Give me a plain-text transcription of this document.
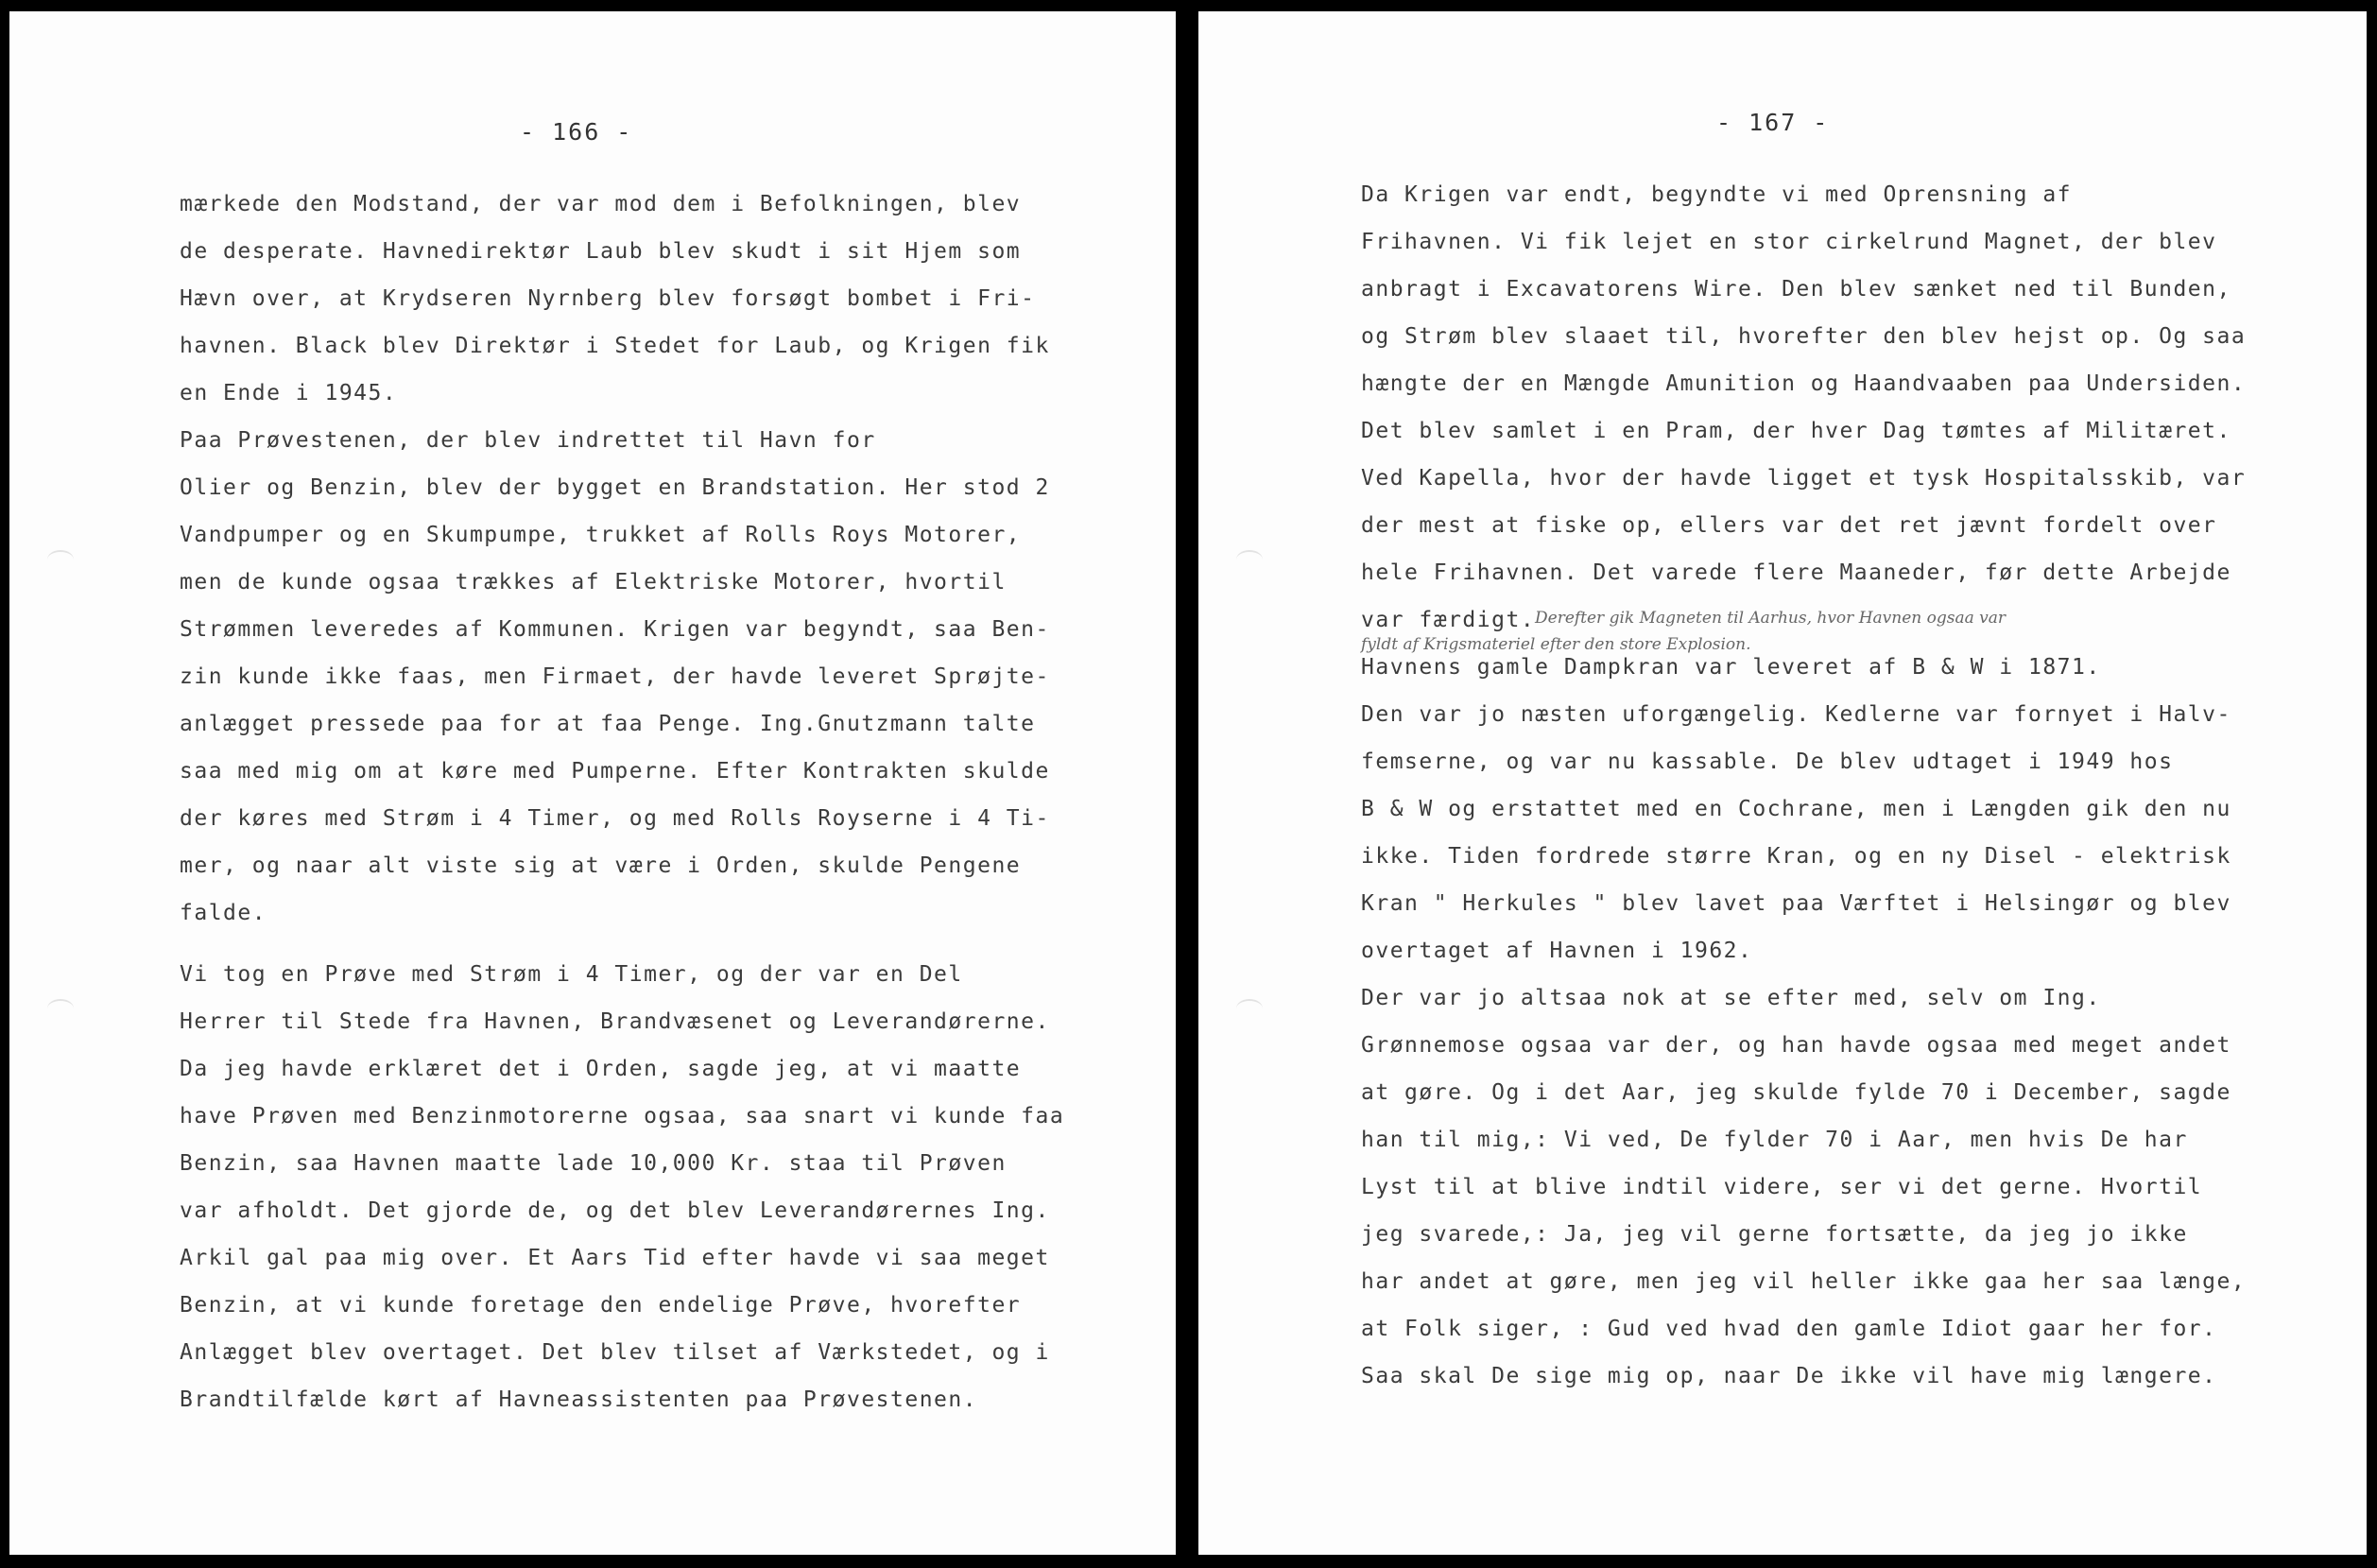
- 166 -
mærkede den Modstand, der var mod dem i Befolkningen, blev
de desperate. Havnedirektør Laub blev skudt i sit Hjem som
Hævn over, at Krydseren Nyrnberg blev forsøgt bombet i Fri-
havnen. Black blev Direktør i Stedet for Laub, og Krigen fik
en Ende i 1945.
Paa Prøvestenen, der blev indrettet til Havn for
Olier og Benzin, blev der bygget en Brandstation. Her stod 2
Vandpumper og en Skumpumpe, trukket af Rolls Roys Motorer,
men de kunde ogsaa trækkes af Elektriske Motorer, hvortil
Strømmen leveredes af Kommunen. Krigen var begyndt, saa Ben-
zin kunde ikke faas, men Firmaet, der havde leveret Sprøjte-
anlægget pressede paa for at faa Penge. Ing.Gnutzmann talte
saa med mig om at køre med Pumperne. Efter Kontrakten skulde
der køres med Strøm i 4 Timer, og med Rolls Royserne i 4 Ti-
mer, og naar alt viste sig at være i Orden, skulde Pengene
falde.
Vi tog en Prøve med Strøm i 4 Timer, og der var en Del
Herrer til Stede fra Havnen, Brandvæsenet og Leverandørerne.
Da jeg havde erklæret det i Orden, sagde jeg, at vi maatte
have Prøven med Benzinmotorerne ogsaa, saa snart vi kunde faa
Benzin, saa Havnen maatte lade 10,000 Kr. staa til Prøven
var afholdt. Det gjorde de, og det blev Leverandørernes Ing.
Arkil gal paa mig over. Et Aars Tid efter havde vi saa meget
Benzin, at vi kunde foretage den endelige Prøve, hvorefter
Anlægget blev overtaget. Det blev tilset af Værkstedet, og i
Brandtilfælde kørt af Havneassistenten paa Prøvestenen.
- 167 -
Da Krigen var endt, begyndte vi med Oprensning af
Frihavnen. Vi fik lejet en stor cirkelrund Magnet, der blev
anbragt i Excavatorens Wire. Den blev sænket ned til Bunden,
og Strøm blev slaaet til, hvorefter den blev hejst op. Og saa
hængte der en Mængde Amunition og Haandvaaben paa Undersiden.
Det blev samlet i en Pram, der hver Dag tømtes af Militæret.
Ved Kapella, hvor der havde ligget et tysk Hospitalsskib, var
der mest at fiske op, ellers var det ret jævnt fordelt over
hele Frihavnen. Det varede flere Maaneder, før dette Arbejde
var færdigt. Derefter gik Magneten til Aarhus, hvor Havnen ogsaa var
fyldt af Krigsmateriel efter den store Explosion.
Havnens gamle Dampkran var leveret af B & W i 1871.
Den var jo næsten uforgængelig. Kedlerne var fornyet i Halv-
femserne, og var nu kassable. De blev udtaget i 1949 hos
B & W og erstattet med en Cochrane, men i Længden gik den nu
ikke. Tiden fordrede større Kran, og en ny Disel - elektrisk
Kran " Herkules " blev lavet paa Værftet i Helsingør og blev
overtaget af Havnen i 1962.
Der var jo altsaa nok at se efter med, selv om Ing.
Grønnemose ogsaa var der, og han havde ogsaa med meget andet
at gøre. Og i det Aar, jeg skulde fylde 70 i December, sagde
han til mig,: Vi ved, De fylder 70 i Aar, men hvis De har
Lyst til at blive indtil videre, ser vi det gerne. Hvortil
jeg svarede,: Ja, jeg vil gerne fortsætte, da jeg jo ikke
har andet at gøre, men jeg vil heller ikke gaa her saa længe,
at Folk siger, : Gud ved hvad den gamle Idiot gaar her for.
Saa skal De sige mig op, naar De ikke vil have mig længere.
